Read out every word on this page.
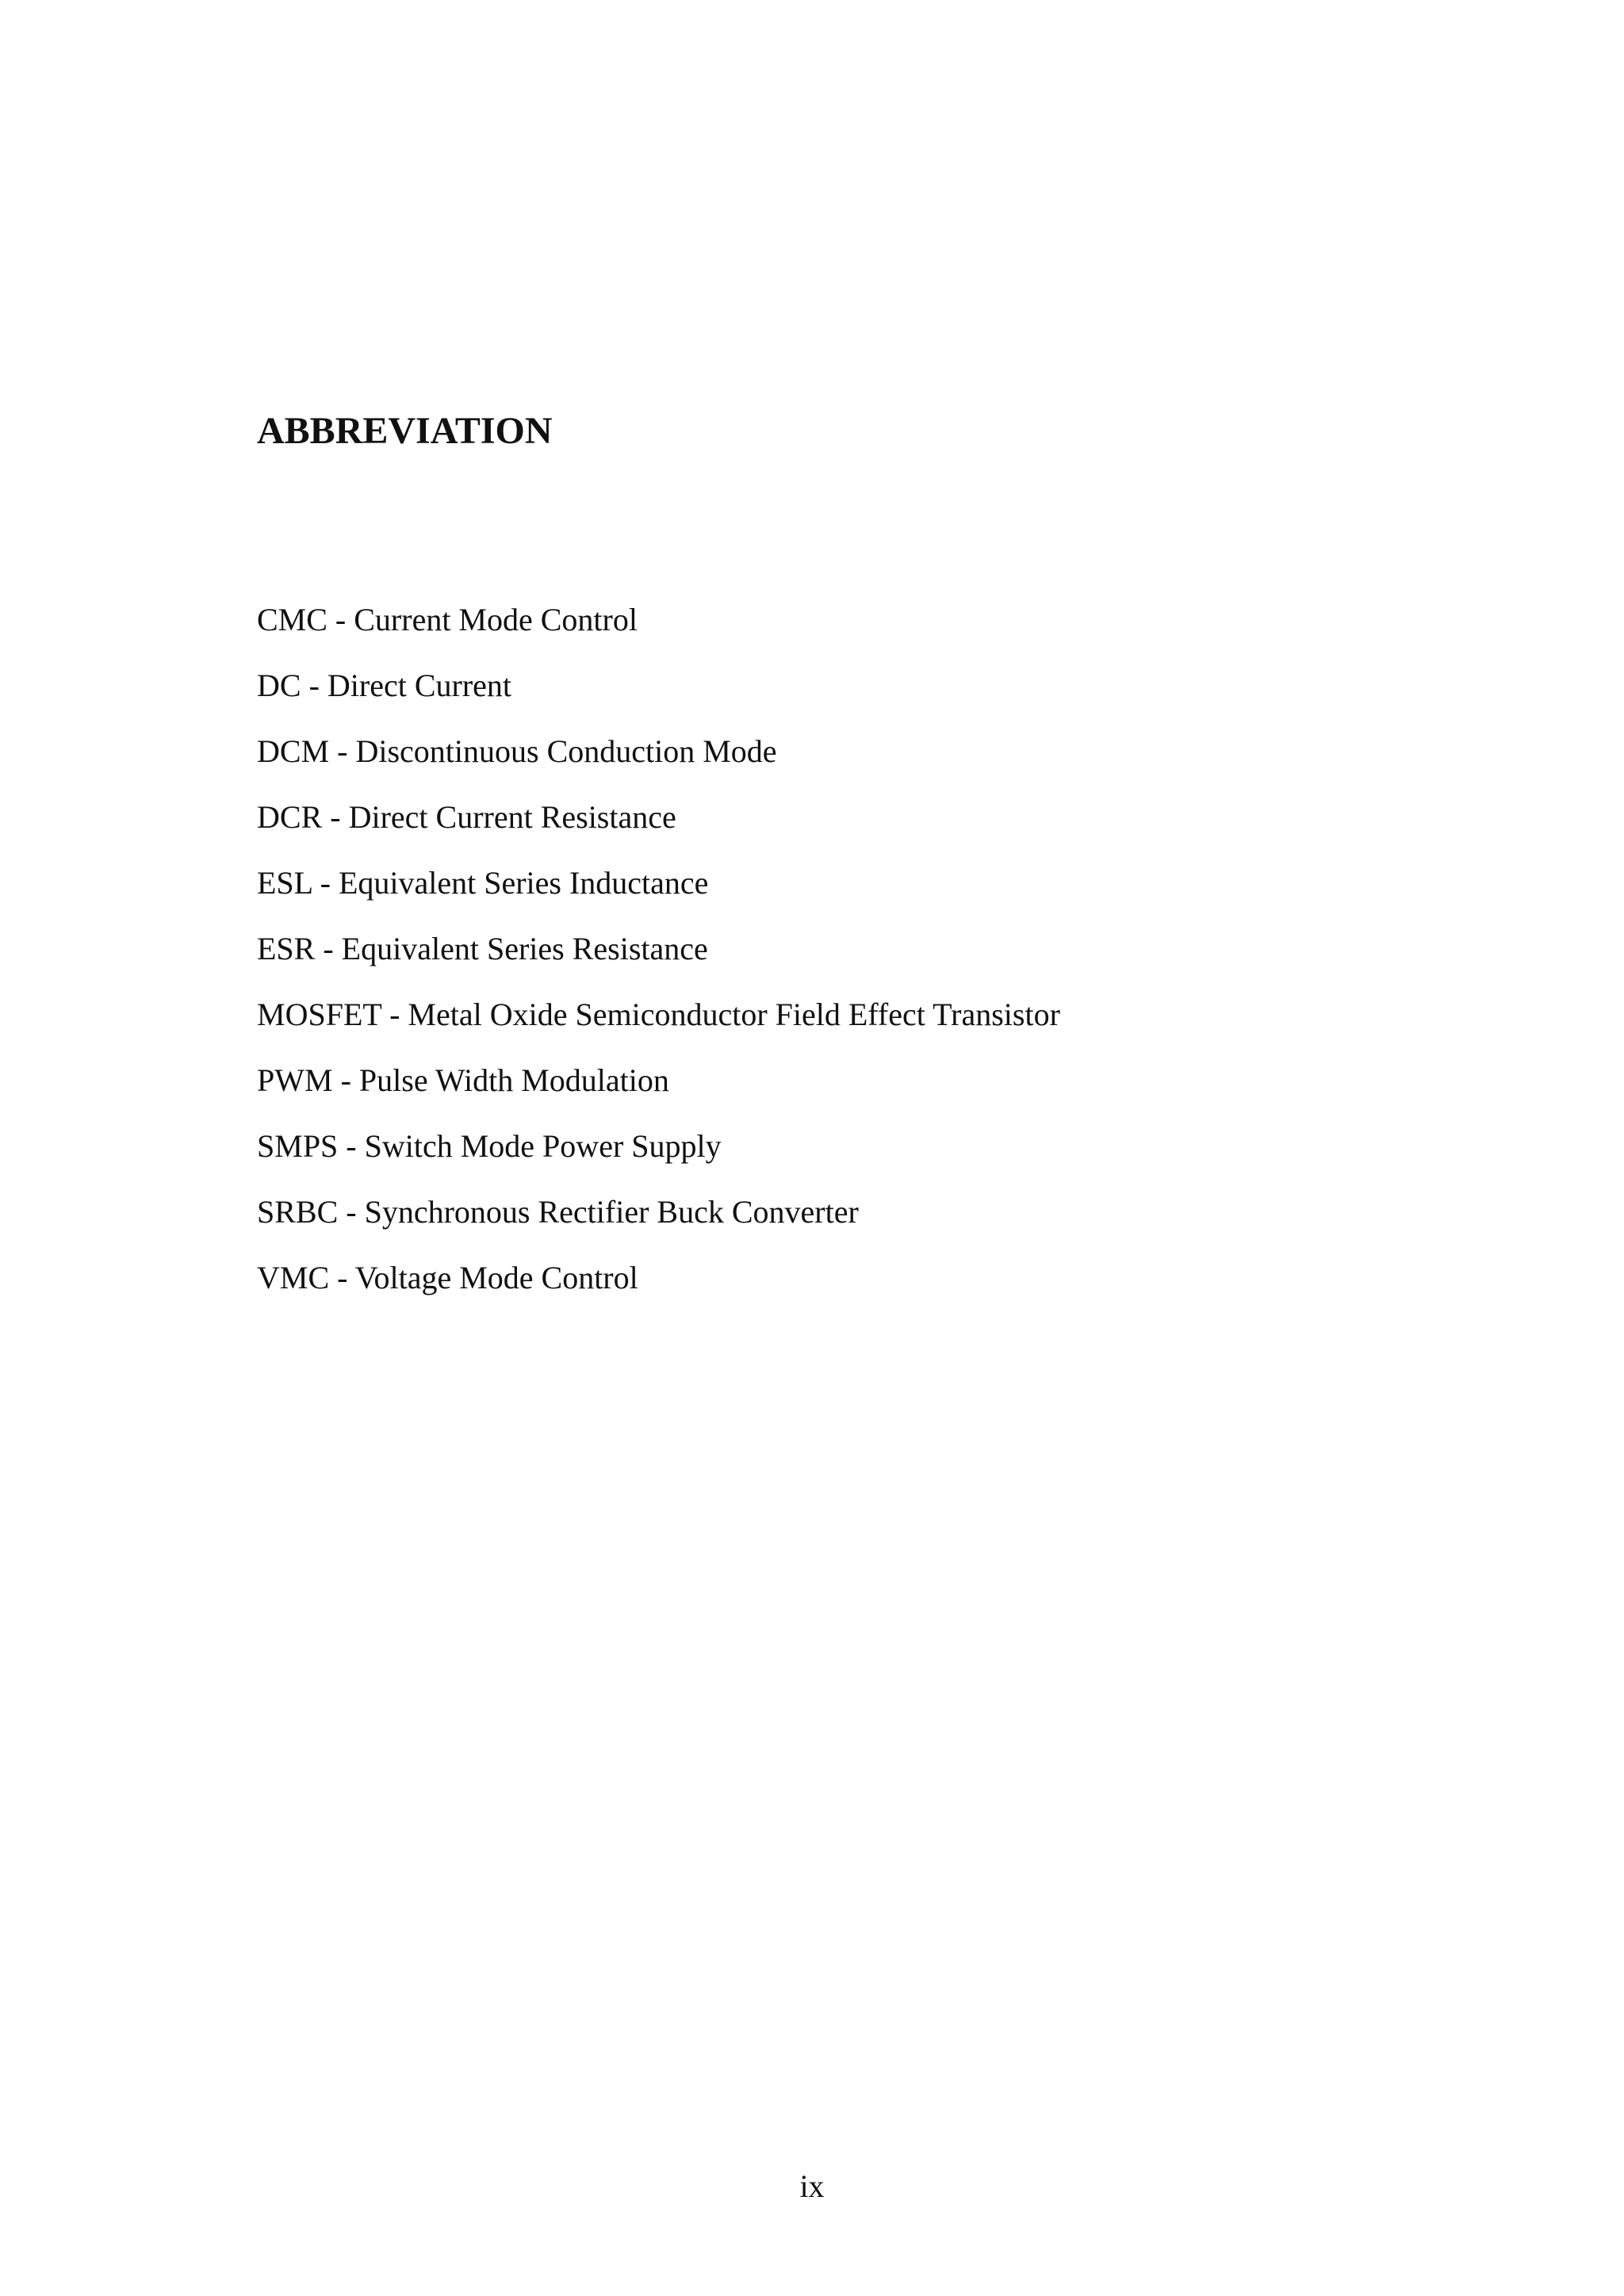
ABBREVIATION
CMC - Current Mode Control
DC - Direct Current
DCM - Discontinuous Conduction Mode
DCR - Direct Current Resistance
ESL - Equivalent Series Inductance
ESR - Equivalent Series Resistance
MOSFET - Metal Oxide Semiconductor Field Effect Transistor
PWM - Pulse Width Modulation
SMPS - Switch Mode Power Supply
SRBC - Synchronous Rectifier Buck Converter
VMC - Voltage Mode Control
ix
